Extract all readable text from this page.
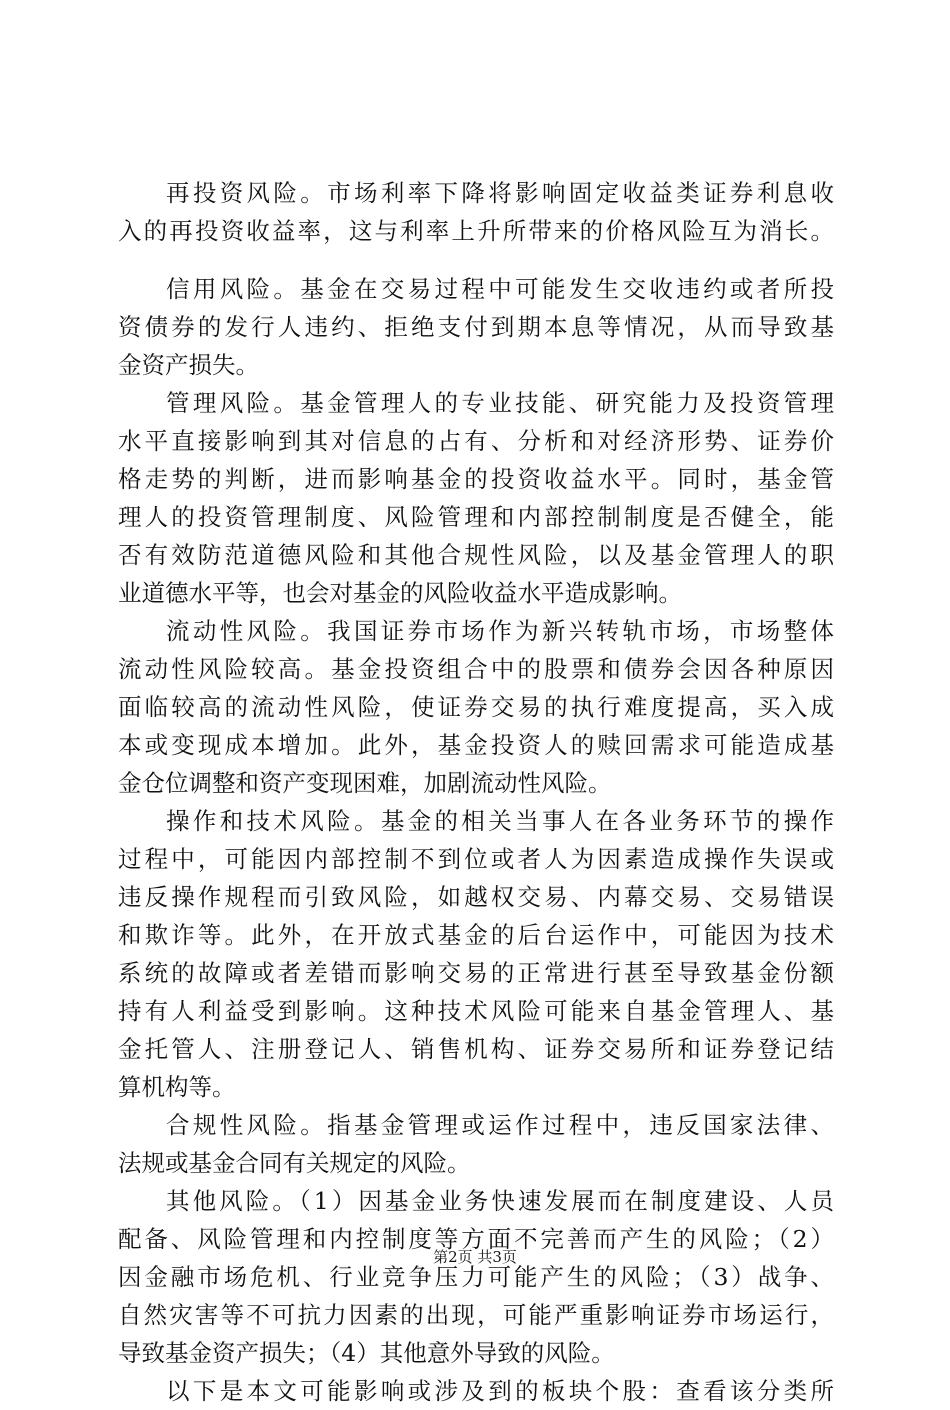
再投资风险。市场利率下降将影响固定收益类证券利息收
入的再投资收益率，这与利率上升所带来的价格风险互为消长。
信用风险。基金在交易过程中可能发生交收违约或者所投
资债券的发行人违约、拒绝支付到期本息等情况，从而导致基
金资产损失。
管理风险。基金管理人的专业技能、研究能力及投资管理
水平直接影响到其对信息的占有、分析和对经济形势、证券价
格走势的判断，进而影响基金的投资收益水平。同时，基金管
理人的投资管理制度、风险管理和内部控制制度是否健全，能
否有效防范道德风险和其他合规性风险，以及基金管理人的职
业道德水平等，也会对基金的风险收益水平造成影响。
流动性风险。我国证券市场作为新兴转轨市场，市场整体
流动性风险较高。基金投资组合中的股票和债券会因各种原因
面临较高的流动性风险，使证券交易的执行难度提高，买入成
本或变现成本增加。此外，基金投资人的赎回需求可能造成基
金仓位调整和资产变现困难，加剧流动性风险。
操作和技术风险。基金的相关当事人在各业务环节的操作
过程中，可能因内部控制不到位或者人为因素造成操作失误或
违反操作规程而引致风险，如越权交易、内幕交易、交易错误
和欺诈等。此外，在开放式基金的后台运作中，可能因为技术
系统的故障或者差错而影响交易的正常进行甚至导致基金份额
持有人利益受到影响。这种技术风险可能来自基金管理人、基
金托管人、注册登记人、销售机构、证券交易所和证券登记结
算机构等。
合规性风险。指基金管理或运作过程中，违反国家法律、
法规或基金合同有关规定的风险。
其他风险。（1）因基金业务快速发展而在制度建设、人员
配备、风险管理和内控制度等方面不完善而产生的风险；（2）
因金融市场危机、行业竞争压力可能产生的风险；（3）战争、
自然灾害等不可抗力因素的出现，可能严重影响证券市场运行，
导致基金资产损失；（4）其他意外导致的风险。
以下是本文可能影响或涉及到的板块个股：查看该分类所
第2页 共3页
